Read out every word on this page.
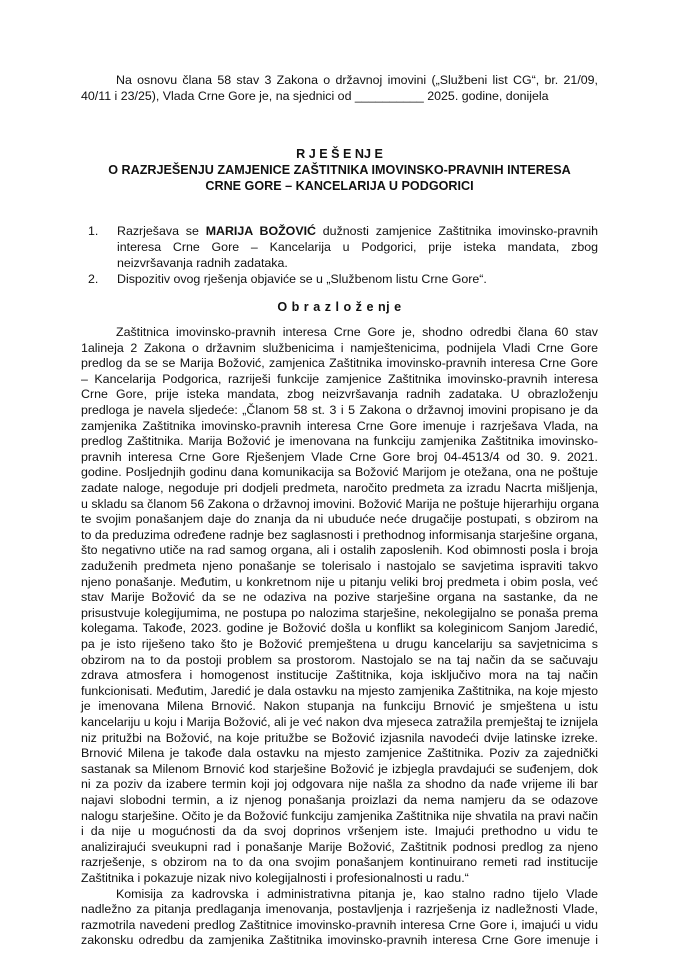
Na osnovu člana 58 stav 3 Zakona o državnoj imovini („Službeni list CG“, br. 21/09,
40/11 i 23/25), Vlada Crne Gore je, na sjednici od __________ 2025. godine, donijela
R J E Š E NJ E
O RAZRJEŠENJU ZAMJENICE ZAŠTITNIKA IMOVINSKO-PRAVNIH INTERESA
CRNE GORE – KANCELARIJA U PODGORICI
1. Razrješava se MARIJA BOŽOVIĆ dužnosti zamjenice Zaštitnika imovinsko-pravnih
interesa Crne Gore – Kancelarija u Podgorici, prije isteka mandata, zbog
neizvršavanja radnih zadataka.
2. Dispozitiv ovog rješenja objaviće se u „Službenom listu Crne Gore“.
O b r a z l o ž e nj e
Zaštitnica imovinsko-pravnih interesa Crne Gore je, shodno odredbi člana 60 stav
1alineja 2 Zakona o državnim službenicima i namještenicima, podnijela Vladi Crne Gore
predlog da se se Marija Božović, zamjenica Zaštitnika imovinsko-pravnih interesa Crne Gore
– Kancelarija Podgorica, razriješi funkcije zamjenice Zaštitnika imovinsko-pravnih interesa
Crne Gore, prije isteka mandata, zbog neizvršavanja radnih zadataka. U obrazloženju
predloga je navela sljedeće: „Članom 58 st. 3 i 5 Zakona o državnoj imovini propisano je da
zamjenika Zaštitnika imovinsko-pravnih interesa Crne Gore imenuje i razrješava Vlada, na
predlog Zaštitnika. Marija Božović je imenovana na funkciju zamjenika Zaštitnika imovinsko-
pravnih interesa Crne Gore Rješenjem Vlade Crne Gore broj 04-4513/4 od 30. 9. 2021.
godine. Posljednjih godinu dana komunikacija sa Božović Marijom je otežana, ona ne poštuje
zadate naloge, negoduje pri dodjeli predmeta, naročito predmeta za izradu Nacrta mišljenja,
u skladu sa članom 56 Zakona o državnoj imovini. Božović Marija ne poštuje hijerarhiju organa
te svojim ponašanjem daje do znanja da ni ubuduće neće drugačije postupati, s obzirom na
to da preduzima određene radnje bez saglasnosti i prethodnog informisanja starješine organa,
što negativno utiče na rad samog organa, ali i ostalih zaposlenih. Kod obimnosti posla i broja
zaduženih predmeta njeno ponašanje se tolerisalo i nastojalo se savjetima ispraviti takvo
njeno ponašanje. Međutim, u konkretnom nije u pitanju veliki broj predmeta i obim posla, već
stav Marije Božović da se ne odaziva na pozive starješine organa na sastanke, da ne
prisustvuje kolegijumima, ne postupa po nalozima starješine, nekolegijalno se ponaša prema
kolegama. Takođe, 2023. godine je Božović došla u konflikt sa koleginicom Sanjom Jaredić,
pa je isto riješeno tako što je Božović premještena u drugu kancelariju sa savjetnicima s
obzirom na to da postoji problem sa prostorom. Nastojalo se na taj način da se sačuvaju
zdrava atmosfera i homogenost institucije Zaštitnika, koja isključivo mora na taj način
funkcionisati. Međutim, Jaredić je dala ostavku na mjesto zamjenika Zaštitnika, na koje mjesto
je imenovana Milena Brnović. Nakon stupanja na funkciju Brnović je smještena u istu
kancelariju u koju i Marija Božović, ali je već nakon dva mjeseca zatražila premještaj te iznijela
niz pritužbi na Božović, na koje pritužbe se Božović izjasnila navodeći dvije latinske izreke.
Brnović Milena je takođe dala ostavku na mjesto zamjenice Zaštitnika. Poziv za zajednički
sastanak sa Milenom Brnović kod starješine Božović je izbjegla pravdajući se suđenjem, dok
ni za poziv da izabere termin koji joj odgovara nije našla za shodno da nađe vrijeme ili bar
najavi slobodni termin, a iz njenog ponašanja proizlazi da nema namjeru da se odazove
nalogu starješine. Očito je da Božović funkciju zamjenika Zaštitnika nije shvatila na pravi način
i da nije u mogućnosti da da svoj doprinos vršenjem iste. Imajući prethodno u vidu te
analizirajući sveukupni rad i ponašanje Marije Božović, Zaštitnik podnosi predlog za njeno
razrješenje, s obzirom na to da ona svojim ponašanjem kontinuirano remeti rad institucije
Zaštitnika i pokazuje nizak nivo kolegijalnosti i profesionalnosti u radu.“
Komisija za kadrovska i administrativna pitanja je, kao stalno radno tijelo Vlade
nadležno za pitanja predlaganja imenovanja, postavljenja i razrješenja iz nadležnosti Vlade,
razmotrila navedeni predlog Zaštitnice imovinsko-pravnih interesa Crne Gore i, imajući u vidu
zakonsku odredbu da zamjenika Zaštitnika imovinsko-pravnih interesa Crne Gore imenuje i
